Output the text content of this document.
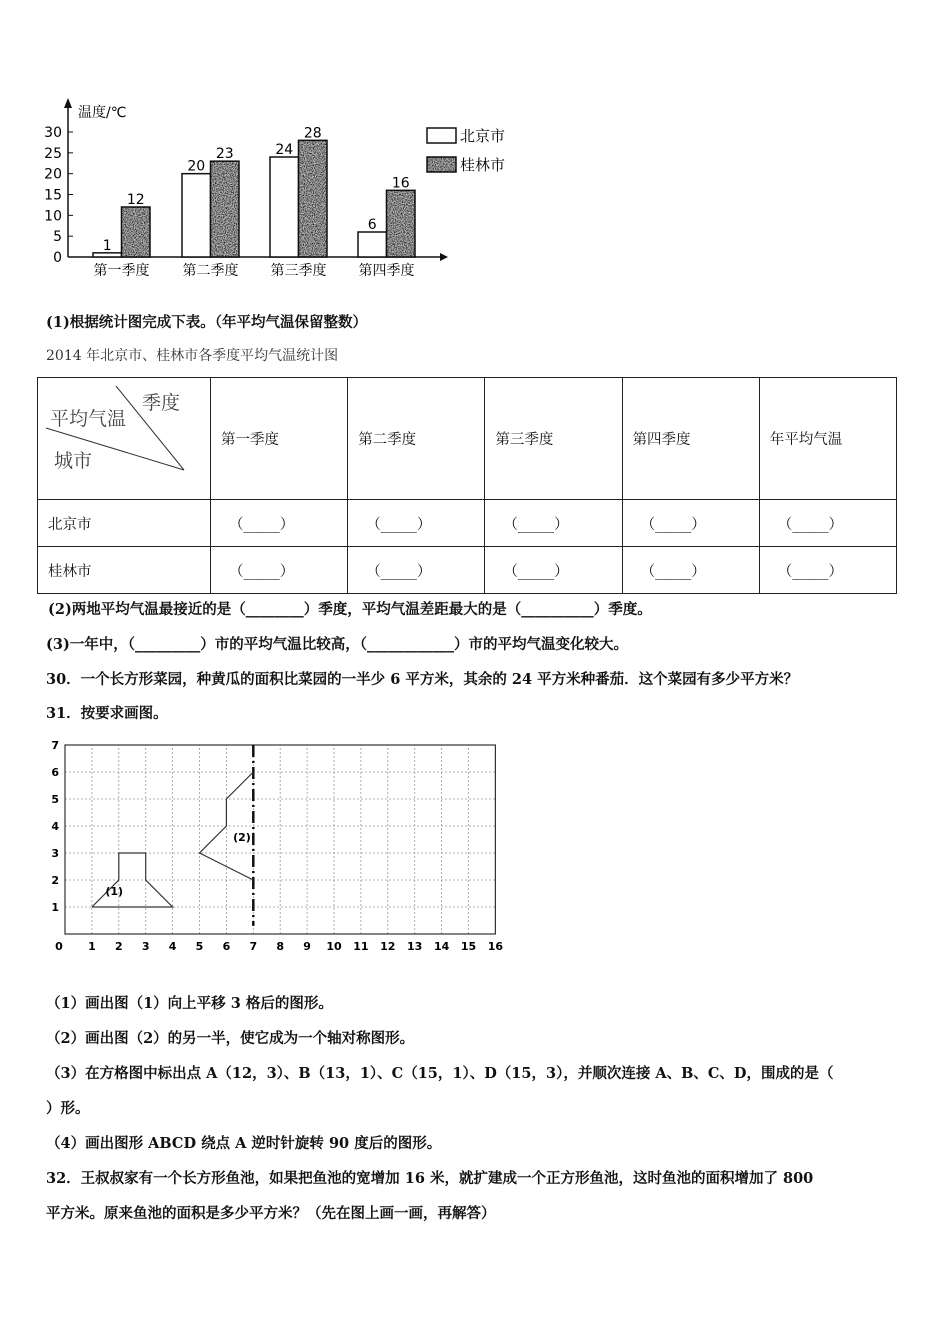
温度/℃
0
5
10
15
20
25
30
1
12
第一季度
20
23
第二季度
24
28
第三季度
6
16
第四季度
北京市
桂林市
(1)根据统计图完成下表。（年平均气温保留整数）
2014 年北京市、桂林市各季度平均气温统计图
季度
平均气温
城市	第一季度	第二季度	第三季度	第四季度	年平均气温
北京市	（_____）	（_____）	（_____）	（_____）	（_____）
桂林市	（_____）	（_____）	（_____）	（_____）	（_____）
(2)两地平均气温最接近的是（________）季度，平均气温差距最大的是（__________）季度。
(3)一年中，（_________）市的平均气温比较高，（____________）市的平均气温变化较大。
30．一个长方形菜园，种黄瓜的面积比菜园的一半少 6 平方米，其余的 24 平方米种番茄．这个菜园有多少平方米？
31．按要求画图。
0 1 2 3 4 5 6 7 8 9 10 11 12 13 14 15 16
1
2
3
4
5
6
7
(1)
(2)
（1）画出图（1）向上平移 3 格后的图形。
（2）画出图（2）的另一半，使它成为一个轴对称图形。
（3）在方格图中标出点 A（12，3）、B（13，1）、C（15，1）、D（15，3），并顺次连接 A、B、C、D，围成的是（
）形。
（4）画出图形 ABCD 绕点 A 逆时针旋转 90 度后的图形。
32．王叔叔家有一个长方形鱼池，如果把鱼池的宽增加 16 米，就扩建成一个正方形鱼池，这时鱼池的面积增加了 800
平方米。原来鱼池的面积是多少平方米？（先在图上画一画，再解答）
